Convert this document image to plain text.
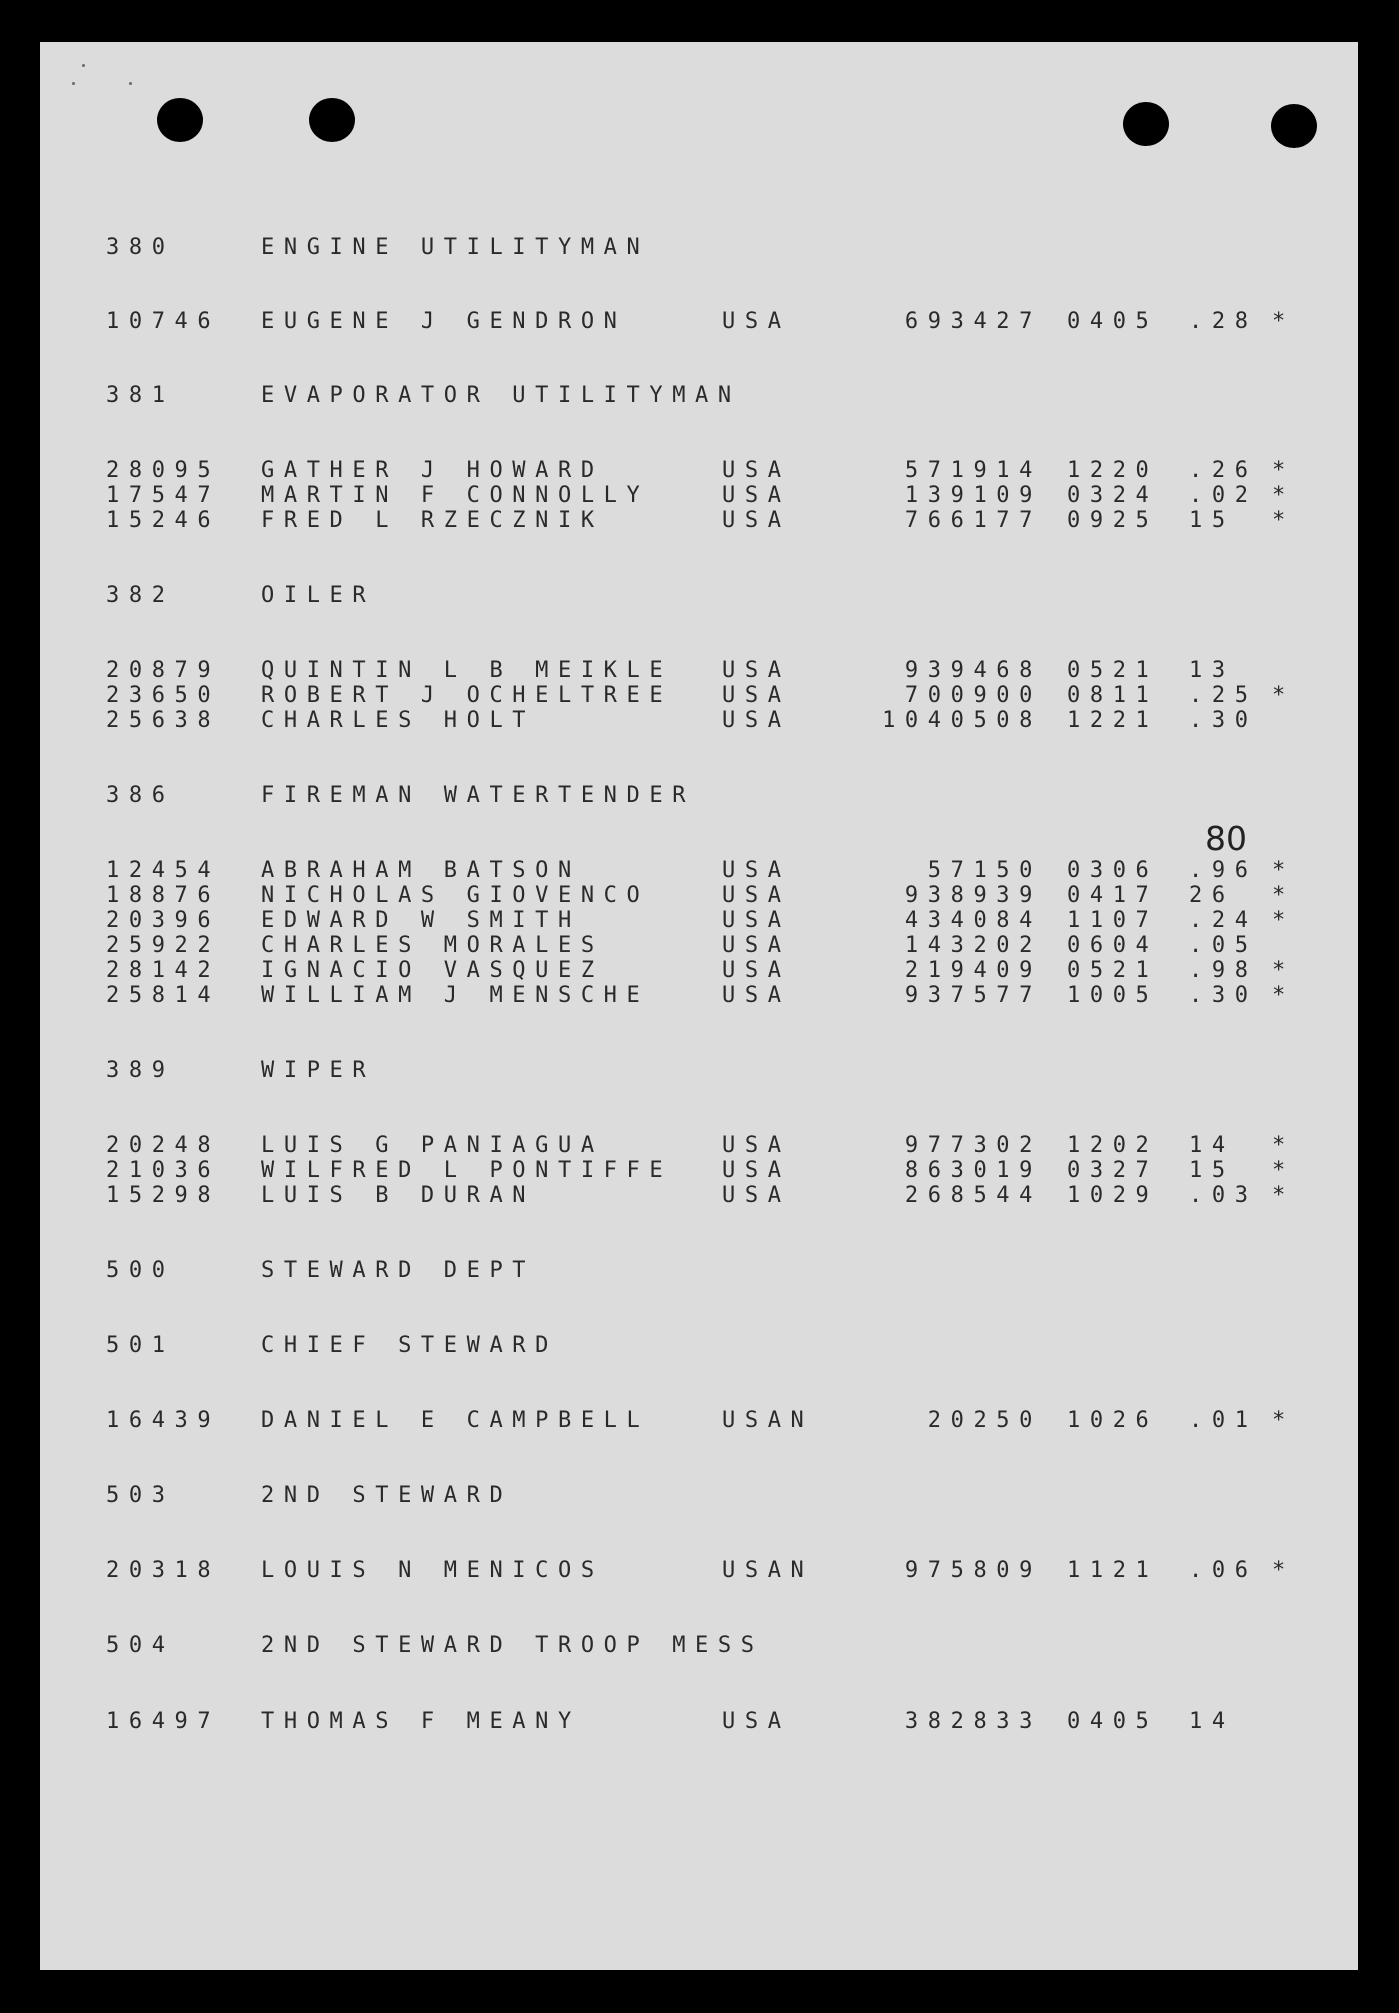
380	ENGINE UTILITYMAN
10746 EUGENE J GENDRON	USA	693427 0405 .28 *
381	EVAPORATOR UTILITYMAN
28095 GATHER J HOWARD	USA	571914 1220 .26 *
17547 MARTIN F CONNOLLY	USA	139109 0324 .02 *
15246 FRED L RZECZNIK	USA	766177 0925 15 *
382	OILER
20879 QUINTIN L B MEIKLE USA	939468 0521 13
23650 ROBERT J OCHELTREE USA	700900 0811 .25 *
25638 CHARLES HOLT	USA	1040508 1221 .30
386	FIREMAN WATERTENDER
12454 ABRAHAM BATSON	USA	57150 0306 .96 *
18876 NICHOLAS GIOVENCO	USA	938939 0417 26 *
20396 EDWARD W SMITH	USA	434084 1107 .24 *
25922 CHARLES MORALES	USA	143202 0604 .05
28142 IGNACIO VASQUEZ	USA	219409 0521 .98 *
25814 WILLIAM J MENSCHE	USA	937577 1005 .30 *
389	WIPER
20248 LUIS G PANIAGUA	USA	977302 1202 14 *
21036 WILFRED L PONTIFFE USA	863019 0327 15 *
15298 LUIS B DURAN	USA	268544 1029 .03 *
500	STEWARD DEPT
501	CHIEF STEWARD
16439 DANIEL E CAMPBELL	USAN	20250 1026 .01 *
503	2ND STEWARD
20318 LOUIS N MENICOS	USAN	975809 1121 .06 *
504	2ND STEWARD TROOP MESS
16497 THOMAS F MEANY	USA	382833 0405 14
80
